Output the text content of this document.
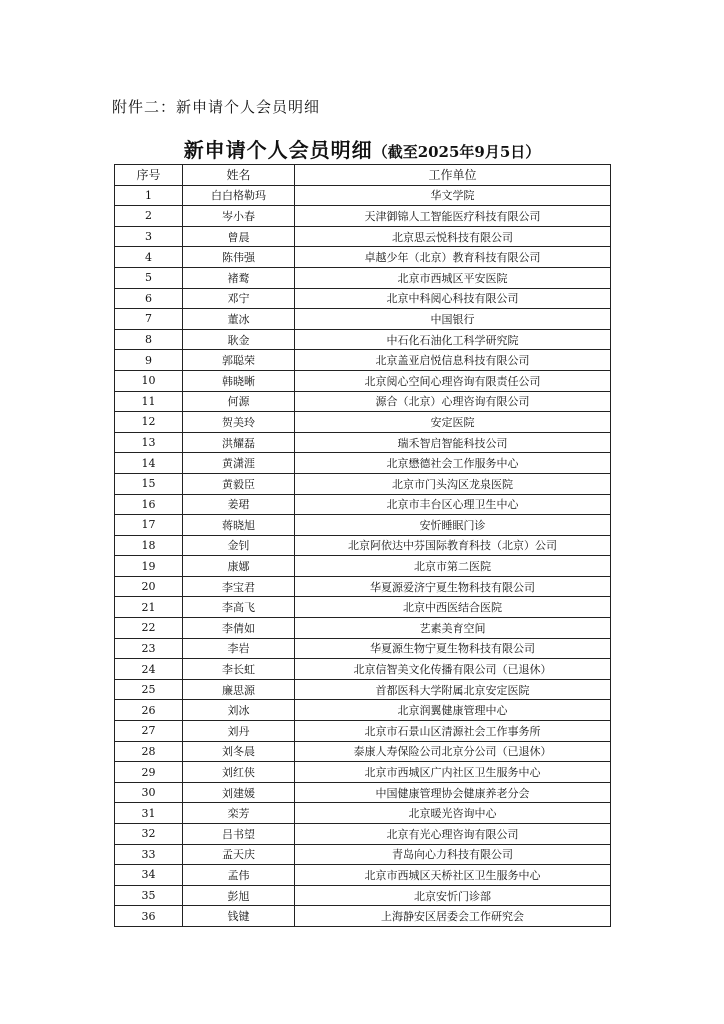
附件二：新申请个人会员明细
新申请个人会员明细（截至2025年9月5日）
序号	姓名	工作单位
1	白白格勒玛	华文学院
2	岑小春	天津御锦人工智能医疗科技有限公司
3	曾晨	北京思云悦科技有限公司
4	陈伟强	卓越少年（北京）教育科技有限公司
5	褚鹜	北京市西城区平安医院
6	邓宁	北京中科阅心科技有限公司
7	董冰	中国银行
8	耿金	中石化石油化工科学研究院
9	郭聪荣	北京盖亚启悦信息科技有限公司
10	韩晓晰	北京阅心空间心理咨询有限责任公司
11	何源	源合（北京）心理咨询有限公司
12	贺美玲	安定医院
13	洪耀磊	瑞禾智启智能科技公司
14	黄潇涯	北京懋德社会工作服务中心
15	黄毅臣	北京市门头沟区龙泉医院
16	姜珺	北京市丰台区心理卫生中心
17	蒋晓旭	安忻睡眠门诊
18	金钊	北京阿依达中芬国际教育科技（北京）公司
19	康娜	北京市第二医院
20	李宝君	华夏源爱济宁夏生物科技有限公司
21	李高飞	北京中西医结合医院
22	李倩如	艺素美育空间
23	李岩	华夏源生物宁夏生物科技有限公司
24	李长虹	北京信智美文化传播有限公司（已退休）
25	廉思源	首都医科大学附属北京安定医院
26	刘冰	北京润翼健康管理中心
27	刘丹	北京市石景山区清源社会工作事务所
28	刘冬晨	泰康人寿保险公司北京分公司（已退休）
29	刘红侠	北京市西城区广内社区卫生服务中心
30	刘建媛	中国健康管理协会健康养老分会
31	栾芳	北京暖光咨询中心
32	吕书望	北京有光心理咨询有限公司
33	孟天庆	青岛向心力科技有限公司
34	孟伟	北京市西城区天桥社区卫生服务中心
35	彭旭	北京安忻门诊部
36	钱键	上海静安区居委会工作研究会
